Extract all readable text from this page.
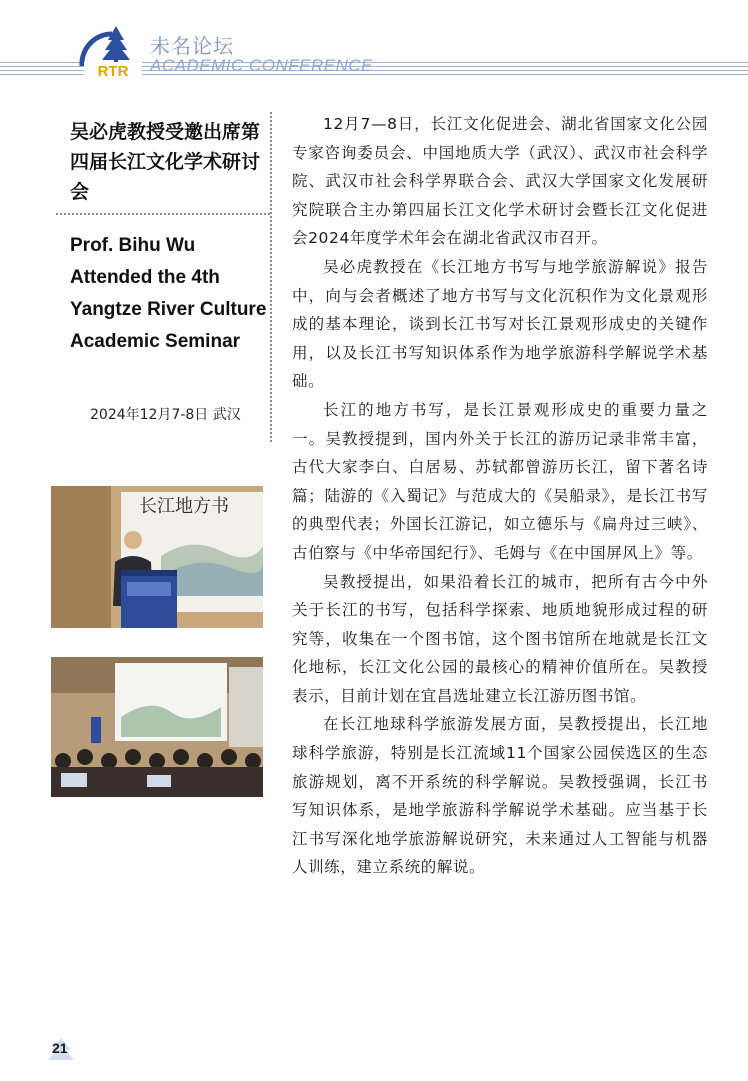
RTR
未名论坛
ACADEMIC CONFERENCE
吴必虎教授受邀出席第四届长江文化学术研讨会
Prof. Bihu Wu Attended the 4th Yangtze River Culture Academic Seminar
2024年12月7-8日 武汉
长江地方书

12月7—8日，长江文化促进会、湖北省国家文化公园专家咨询委员会、中国地质大学（武汉）、武汉市社会科学院、武汉市社会科学界联合会、武汉大学国家文化发展研究院联合主办第四届长江文化学术研讨会暨长江文化促进会2024年度学术年会在湖北省武汉市召开。

吴必虎教授在《长江地方书写与地学旅游解说》报告中，向与会者概述了地方书写与文化沉积作为文化景观形成的基本理论，谈到长江书写对长江景观形成史的关键作用，以及长江书写知识体系作为地学旅游科学解说学术基础。

长江的地方书写，是长江景观形成史的重要力量之一。吴教授提到，国内外关于长江的游历记录非常丰富，古代大家李白、白居易、苏轼都曾游历长江，留下著名诗篇；陆游的《入蜀记》与范成大的《吴船录》，是长江书写的典型代表；外国长江游记，如立德乐与《扁舟过三峡》、古伯察与《中华帝国纪行》、毛姆与《在中国屏风上》等。

吴教授提出，如果沿着长江的城市，把所有古今中外关于长江的书写，包括科学探索、地质地貌形成过程的研究等，收集在一个图书馆，这个图书馆所在地就是长江文化地标，长江文化公园的最核心的精神价值所在。吴教授表示，目前计划在宜昌选址建立长江游历图书馆。

在长江地球科学旅游发展方面，吴教授提出，长江地球科学旅游，特别是长江流域11个国家公园侯选区的生态旅游规划，离不开系统的科学解说。吴教授强调，长江书写知识体系，是地学旅游科学解说学术基础。应当基于长江书写深化地学旅游解说研究，未来通过人工智能与机器人训练，建立系统的解说。

21
